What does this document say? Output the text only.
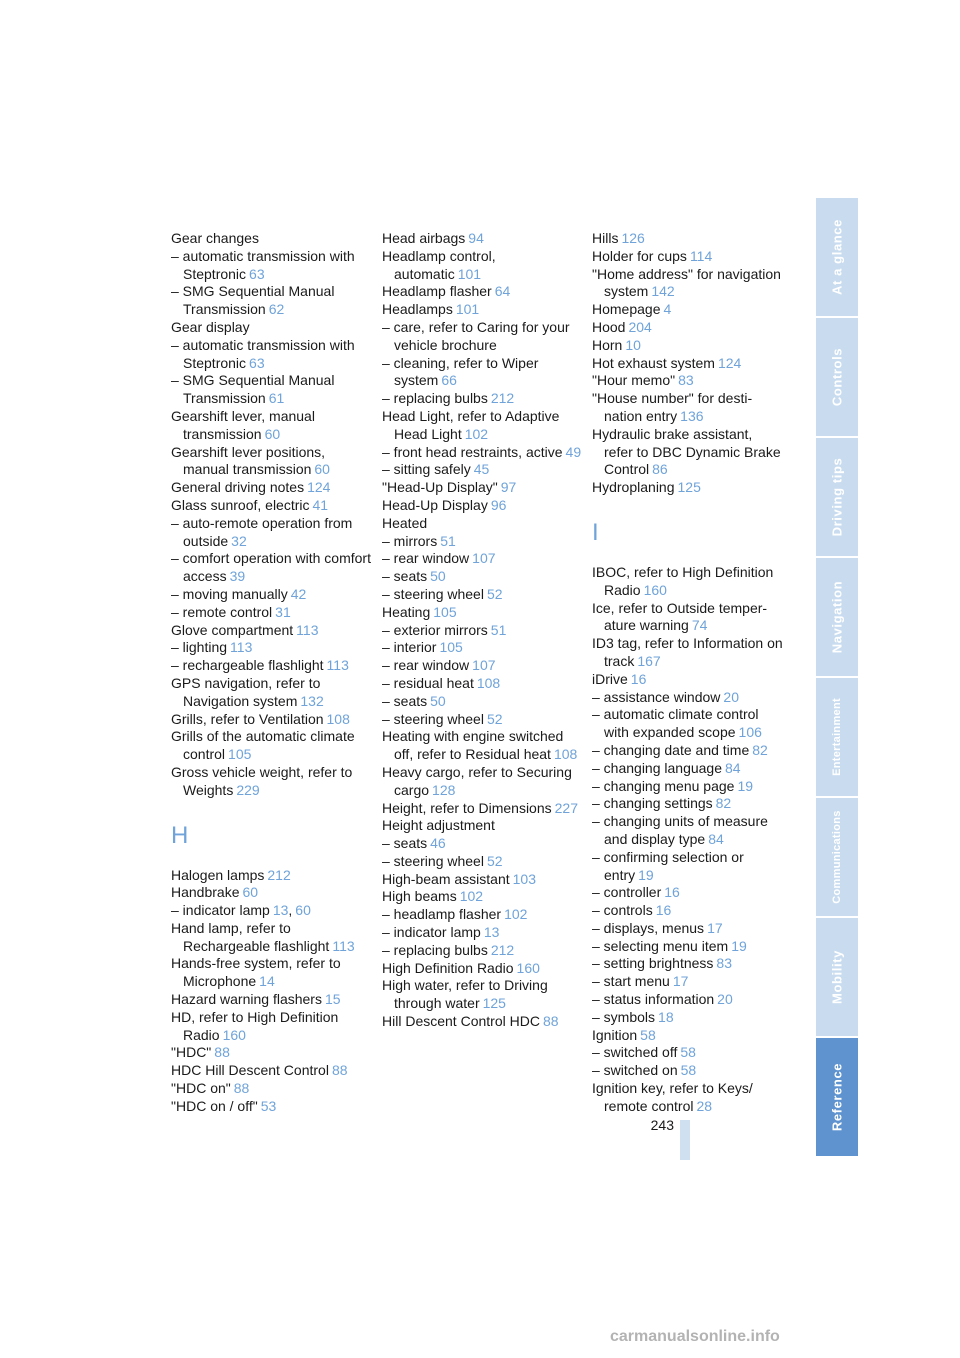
Gear changes
– automatic transmission with Steptronic 63
– SMG Sequential Manual Transmission 62
Gear display
– automatic transmission with Steptronic 63
– SMG Sequential Manual Transmission 61
Gearshift lever, manual transmission 60
Gearshift lever positions, manual transmission 60
General driving notes 124
Glass sunroof, electric 41
– auto-remote operation from outside 32
– comfort operation with comfort access 39
– moving manually 42
– remote control 31
Glove compartment 113
– lighting 113
– rechargeable flashlight 113
GPS navigation, refer to Navigation system 132
Grills, refer to Ventilation 108
Grills of the automatic climate control 105
Gross vehicle weight, refer to Weights 229
H
Halogen lamps 212
Handbrake 60
– indicator lamp 13, 60
Hand lamp, refer to Rechargeable flashlight 113
Hands-free system, refer to Microphone 14
Hazard warning flashers 15
HD, refer to High Definition Radio 160
"HDC" 88
HDC Hill Descent Control 88
"HDC on" 88
"HDC on / off" 53
Head airbags 94
Headlamp control, automatic 101
Headlamp flasher 64
Headlamps 101
– care, refer to Caring for your vehicle brochure
– cleaning, refer to Wiper system 66
– replacing bulbs 212
Head Light, refer to Adaptive Head Light 102
– front head restraints, active 49
– sitting safely 45
"Head-Up Display" 97
Head-Up Display 96
Heated
– mirrors 51
– rear window 107
– seats 50
– steering wheel 52
Heating 105
– exterior mirrors 51
– interior 105
– rear window 107
– residual heat 108
– seats 50
– steering wheel 52
Heating with engine switched off, refer to Residual heat 108
Heavy cargo, refer to Securing cargo 128
Height, refer to Dimensions 227
Height adjustment
– seats 46
– steering wheel 52
High-beam assistant 103
High beams 102
– headlamp flasher 102
– indicator lamp 13
– replacing bulbs 212
High Definition Radio 160
High water, refer to Driving through water 125
Hill Descent Control HDC 88
Hills 126
Holder for cups 114
"Home address" for navigation system 142
Homepage 4
Hood 204
Horn 10
Hot exhaust system 124
"Hour memo" 83
"House number" for desti-nation entry 136
Hydraulic brake assistant, refer to DBC Dynamic Brake Control 86
Hydroplaning 125
I
IBOC, refer to High Definition Radio 160
Ice, refer to Outside temper-ature warning 74
ID3 tag, refer to Information on track 167
iDrive 16
– assistance window 20
– automatic climate control with expanded scope 106
– changing date and time 82
– changing language 84
– changing menu page 19
– changing settings 82
– changing units of measure and display type 84
– confirming selection or entry 19
– controller 16
– controls 16
– displays, menus 17
– selecting menu item 19
– setting brightness 83
– start menu 17
– status information 20
– symbols 18
Ignition 58
– switched off 58
– switched on 58
Ignition key, refer to Keys/ remote control 28
243
At a glance
Controls
Driving tips
Navigation
Entertainment
Communications
Mobility
Reference
carmanualsonline.info
